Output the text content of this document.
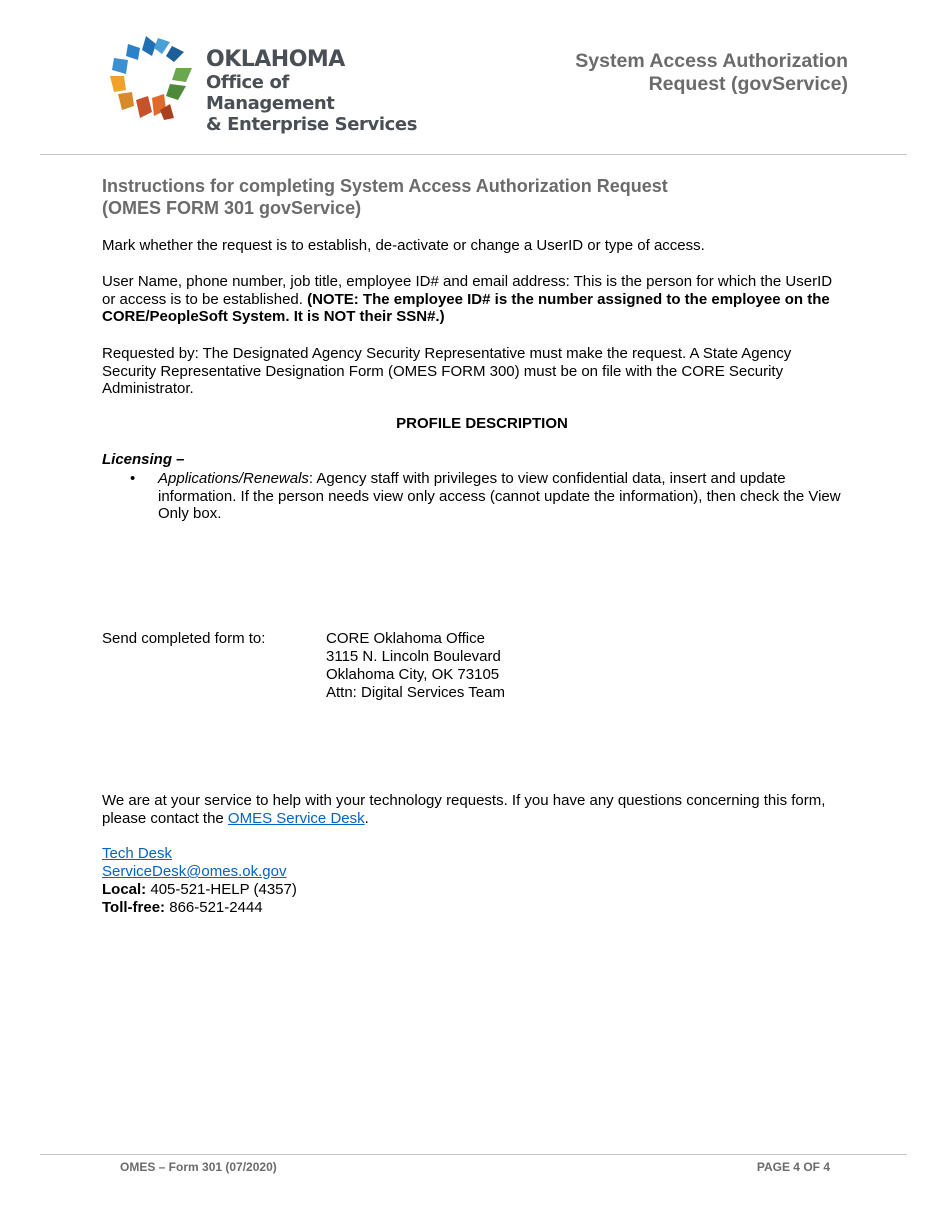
OKLAHOMA
Office of Management
& Enterprise Services
System Access Authorization
Request (govService)
Instructions for completing System Access Authorization Request
(OMES FORM 301 govService)
Mark whether the request is to establish, de-activate or change a UserID or type of access.
User Name, phone number, job title, employee ID# and email address: This is the person for which the UserID or access is to be established. (NOTE: The employee ID# is the number assigned to the employee on the CORE/PeopleSoft System. It is NOT their SSN#.)
Requested by: The Designated Agency Security Representative must make the request. A State Agency Security Representative Designation Form (OMES FORM 300) must be on file with the CORE Security Administrator.
PROFILE DESCRIPTION
Licensing –
• Applications/Renewals: Agency staff with privileges to view confidential data, insert and update information. If the person needs view only access (cannot update the information), then check the View Only box.
Send completed form to:	CORE Oklahoma Office
3115 N. Lincoln Boulevard
Oklahoma City, OK 73105
Attn: Digital Services Team
We are at your service to help with your technology requests. If you have any questions concerning this form, please contact the OMES Service Desk.
Tech Desk
ServiceDesk@omes.ok.gov
Local: 405-521-HELP (4357)
Toll-free: 866-521-2444
OMES – Form 301 (07/2020)	PAGE 4 OF 4
